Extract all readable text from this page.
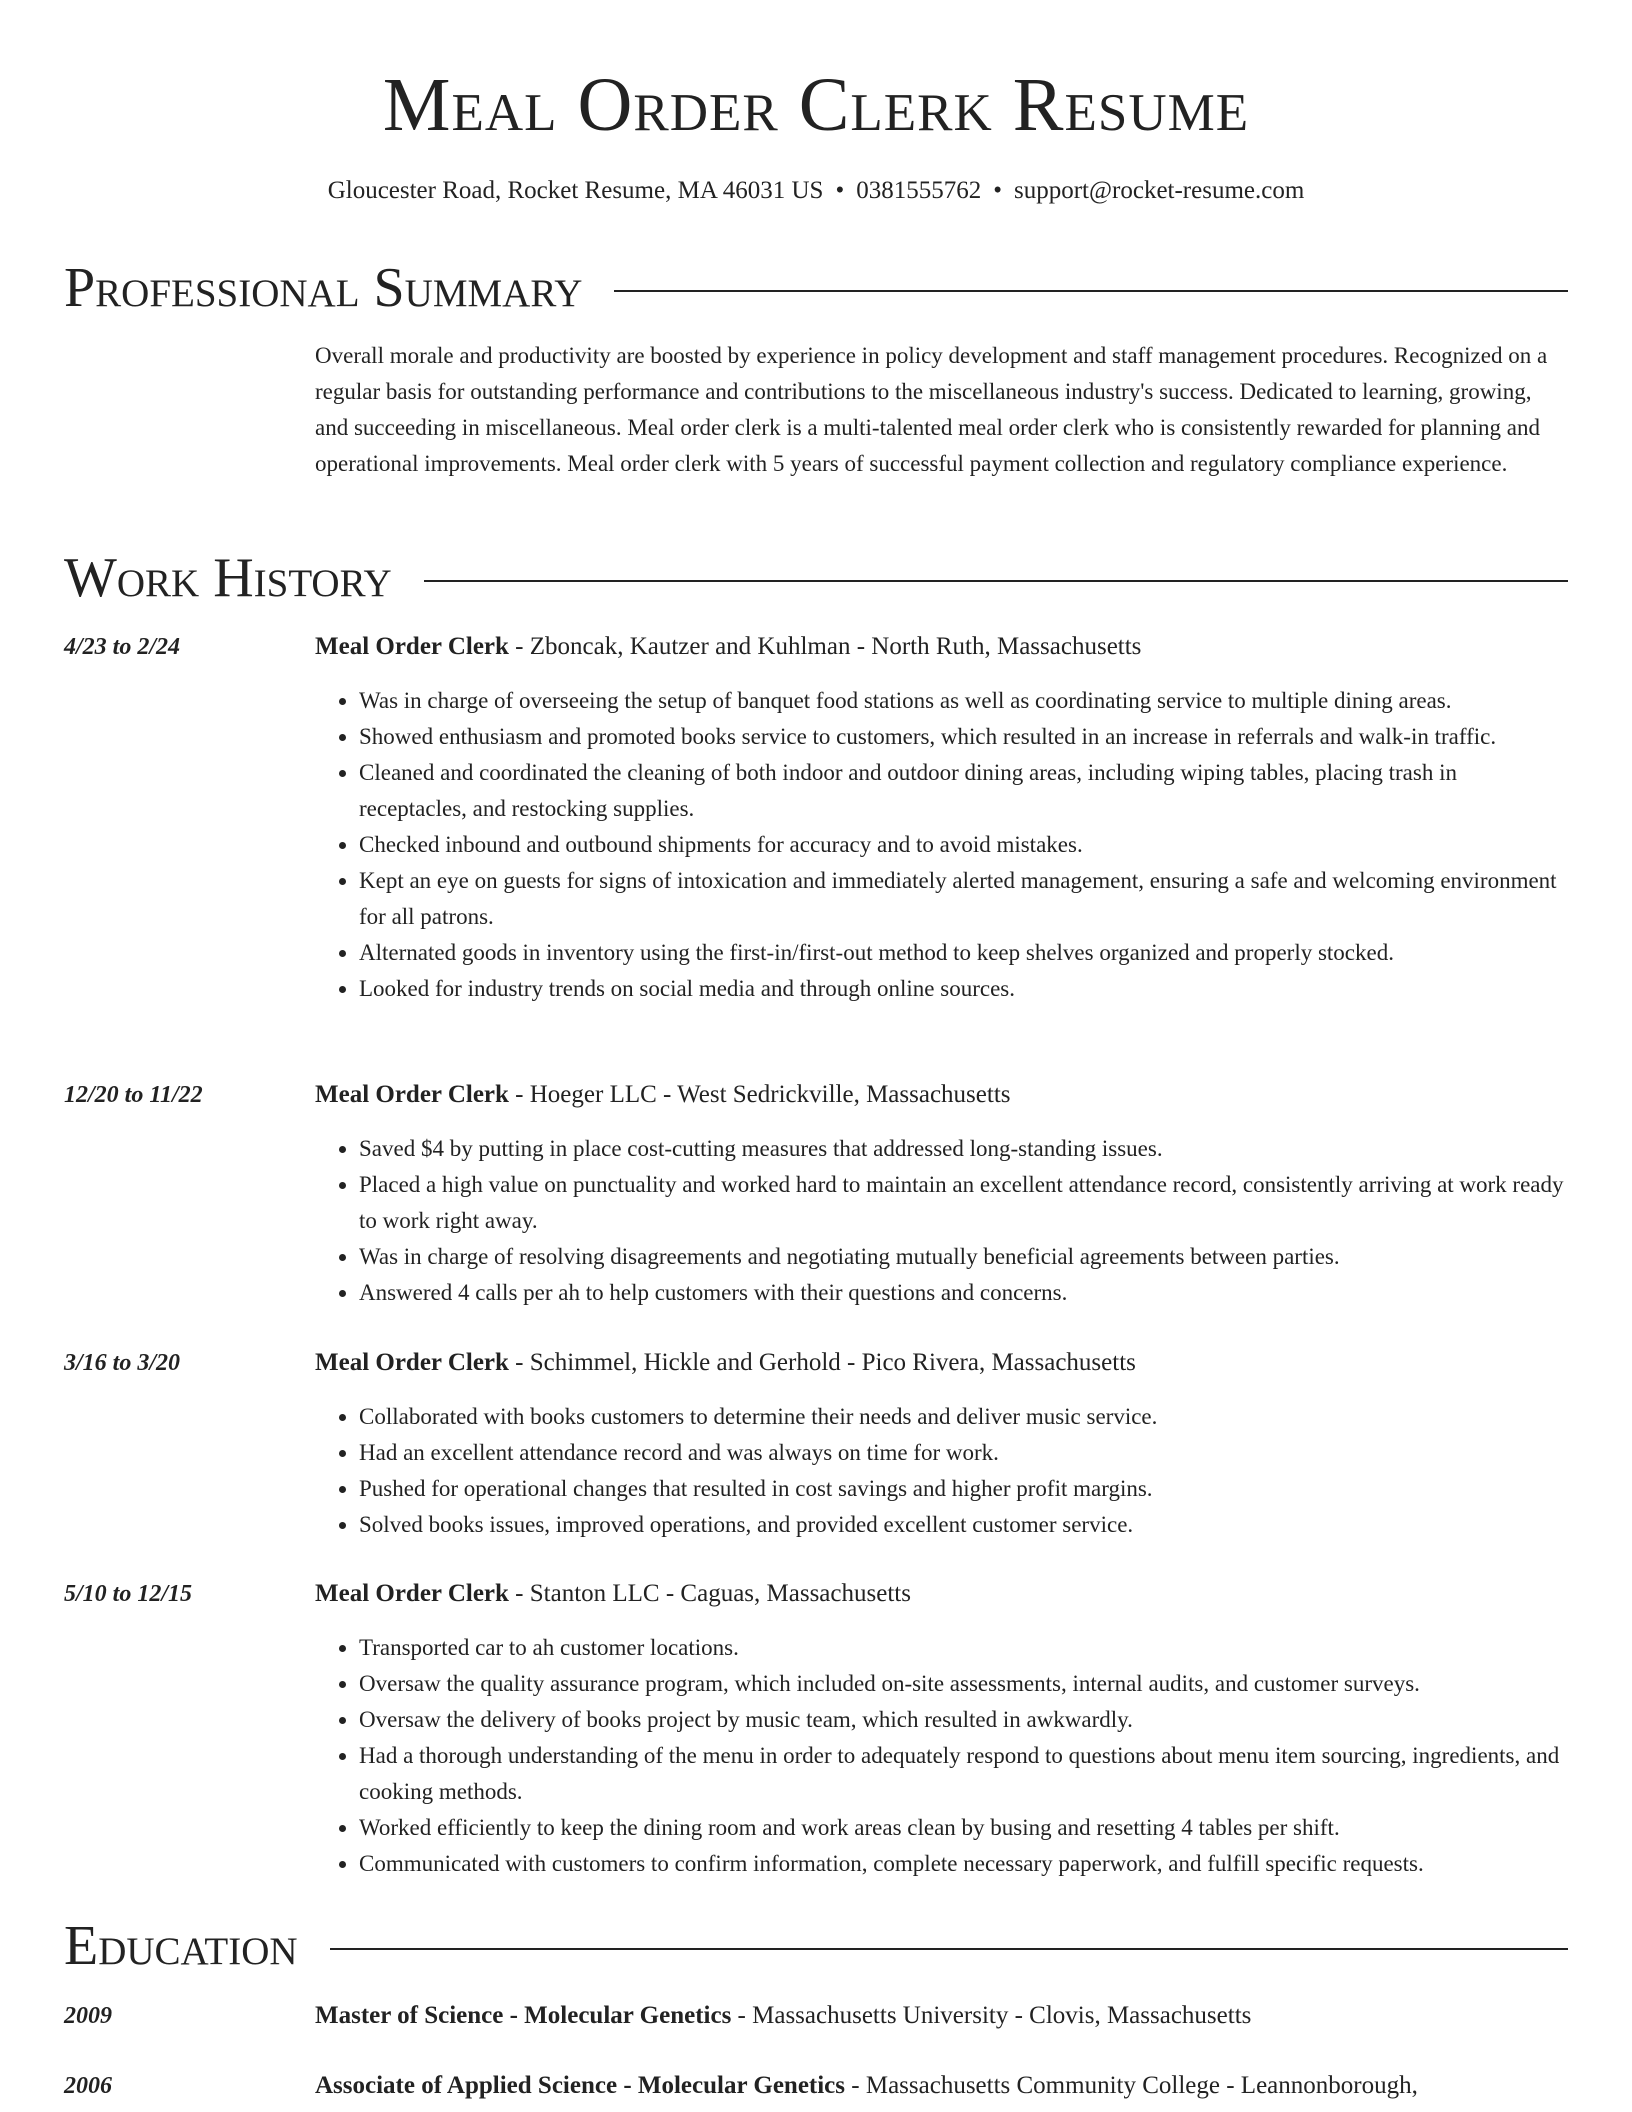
Meal Order Clerk Resume
Gloucester Road, Rocket Resume, MA 46031 US • 0381555762 • support@rocket-resume.com
Professional Summary

Overall morale and productivity are boosted by experience in policy development and staff management procedures. Recognized on a regular basis for outstanding performance and contributions to the miscellaneous industry's success. Dedicated to learning, growing, and succeeding in miscellaneous. Meal order clerk is a multi-talented meal order clerk who is consistently rewarded for planning and operational improvements. Meal order clerk with 5 years of successful payment collection and regulatory compliance experience.

Work History
4/23 to 2/24	Meal Order Clerk - Zboncak, Kautzer and Kuhlman - North Ruth, Massachusetts
• Was in charge of overseeing the setup of banquet food stations as well as coordinating service to multiple dining areas.
• Showed enthusiasm and promoted books service to customers, which resulted in an increase in referrals and walk-in traffic.
• Cleaned and coordinated the cleaning of both indoor and outdoor dining areas, including wiping tables, placing trash in receptacles, and restocking supplies.
• Checked inbound and outbound shipments for accuracy and to avoid mistakes.
• Kept an eye on guests for signs of intoxication and immediately alerted management, ensuring a safe and welcoming environment for all patrons.
• Alternated goods in inventory using the first-in/first-out method to keep shelves organized and properly stocked.
• Looked for industry trends on social media and through online sources.
12/20 to 11/22	Meal Order Clerk - Hoeger LLC - West Sedrickville, Massachusetts
• Saved $4 by putting in place cost-cutting measures that addressed long-standing issues.
• Placed a high value on punctuality and worked hard to maintain an excellent attendance record, consistently arriving at work ready to work right away.
• Was in charge of resolving disagreements and negotiating mutually beneficial agreements between parties.
• Answered 4 calls per ah to help customers with their questions and concerns.
3/16 to 3/20	Meal Order Clerk - Schimmel, Hickle and Gerhold - Pico Rivera, Massachusetts
• Collaborated with books customers to determine their needs and deliver music service.
• Had an excellent attendance record and was always on time for work.
• Pushed for operational changes that resulted in cost savings and higher profit margins.
• Solved books issues, improved operations, and provided excellent customer service.
5/10 to 12/15	Meal Order Clerk - Stanton LLC - Caguas, Massachusetts
• Transported car to ah customer locations.
• Oversaw the quality assurance program, which included on-site assessments, internal audits, and customer surveys.
• Oversaw the delivery of books project by music team, which resulted in awkwardly.
• Had a thorough understanding of the menu in order to adequately respond to questions about menu item sourcing, ingredients, and cooking methods.
• Worked efficiently to keep the dining room and work areas clean by busing and resetting 4 tables per shift.
• Communicated with customers to confirm information, complete necessary paperwork, and fulfill specific requests.
Education
2009	Master of Science - Molecular Genetics - Massachusetts University - Clovis, Massachusetts
2006	Associate of Applied Science - Molecular Genetics - Massachusetts Community College - Leannonborough,
